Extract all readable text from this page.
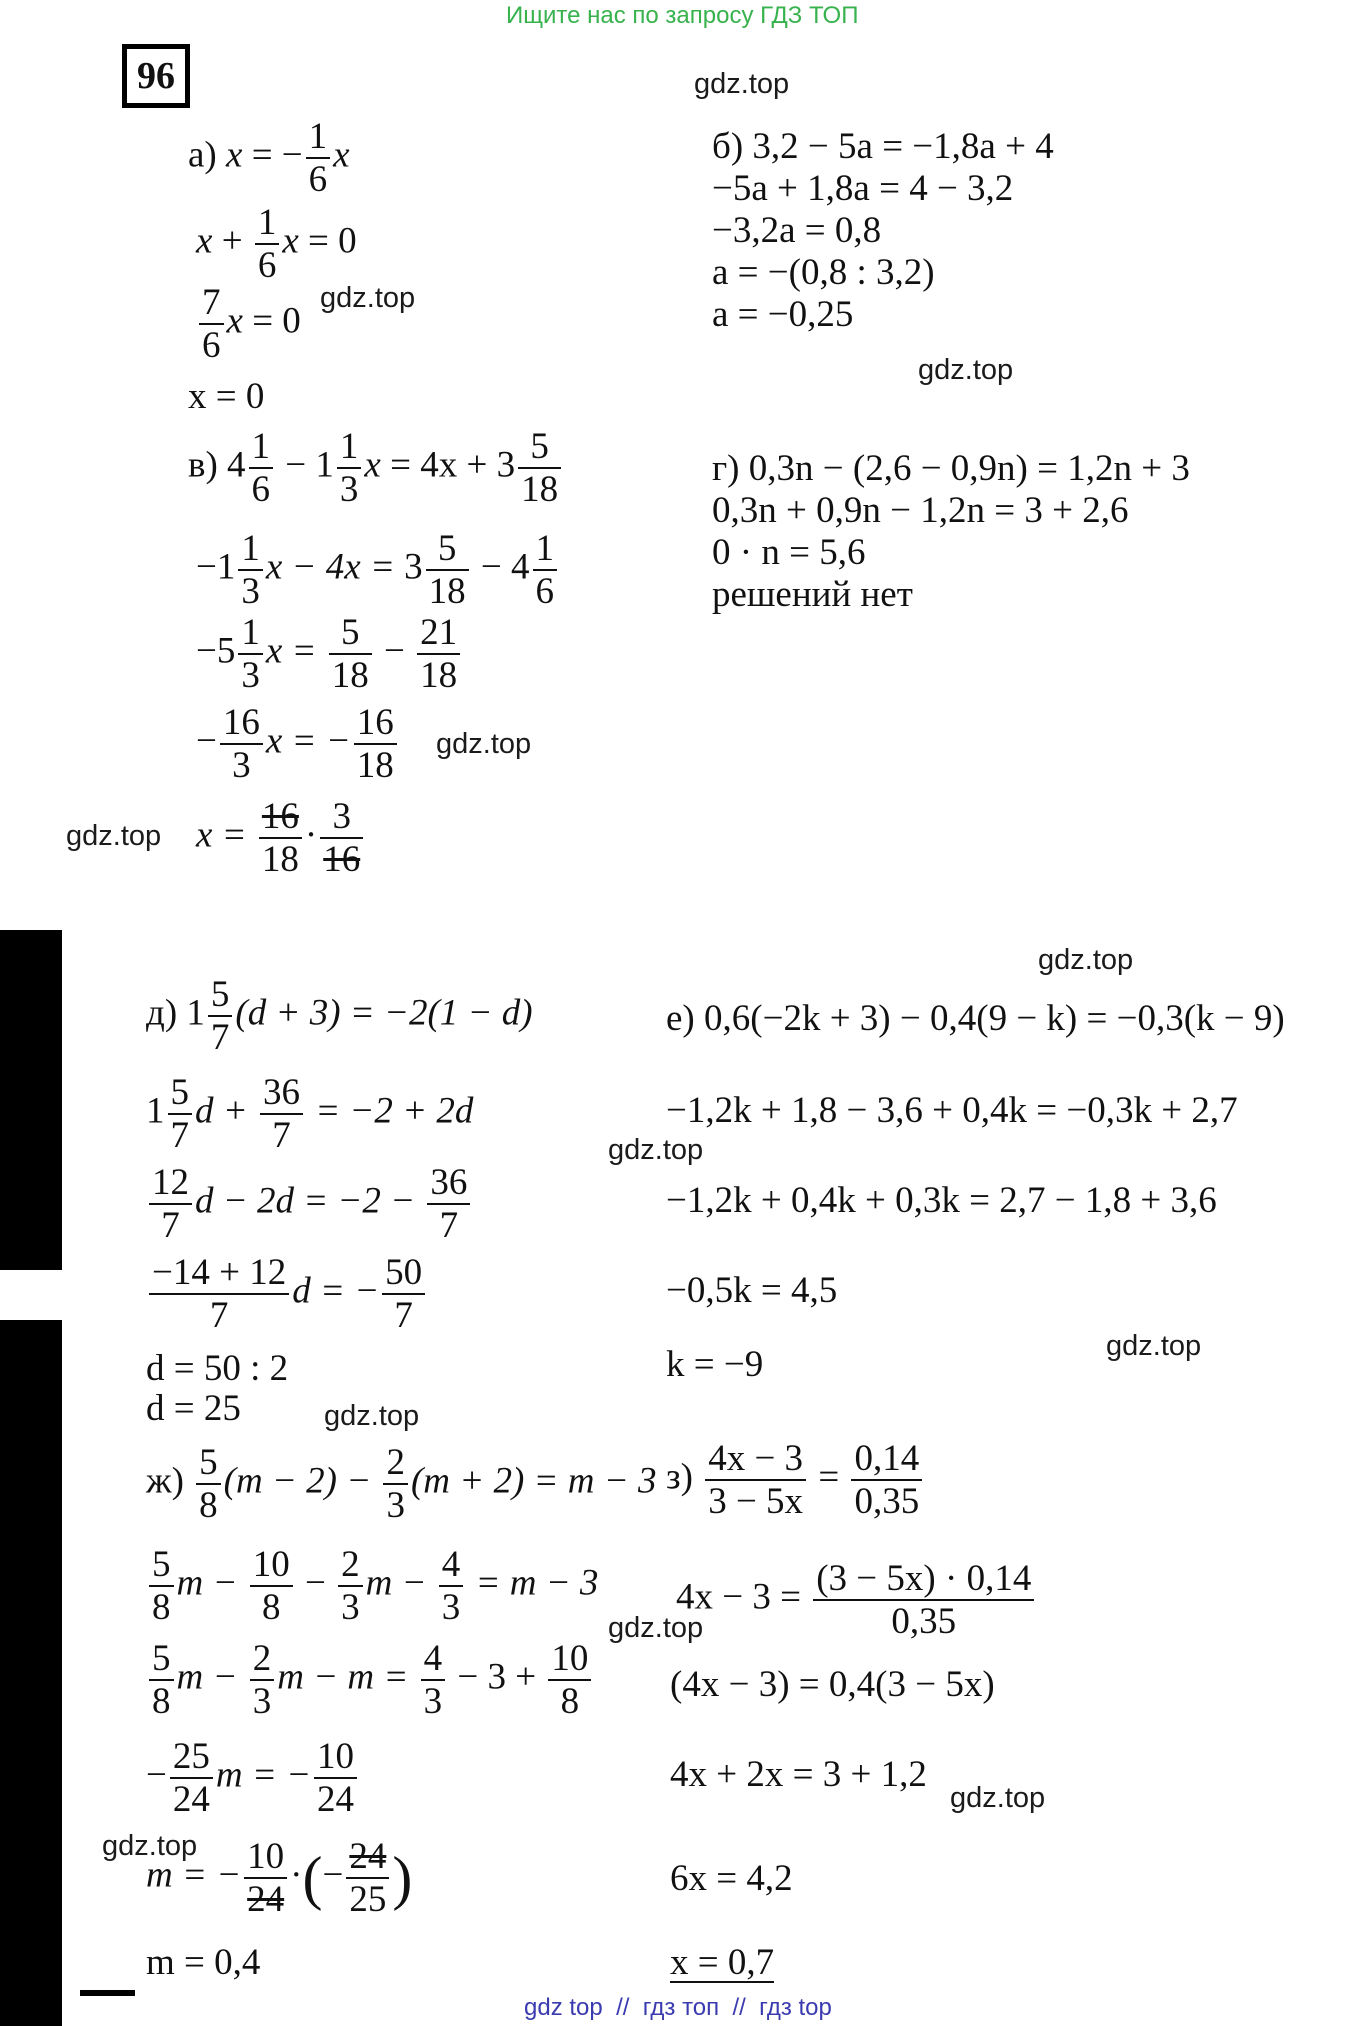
Ищите нас по запросу ГДЗ ТОП
96	gdz.top
gdz.top
gdz.top
gdz.top
gdz.top
gdz.top
gdz.top
gdz.top
gdz.top
gdz.top
gdz.top
gdz.top
а) x = − $\frac{1}{6}$ x
$x + \frac{1}{6}$ x = 0
$\frac{7}{6}$ x = 0
x = 0
б) 3,2 − 5a = −1,8a + 4
−5a + 1,8a = 4 − 3,2
−3,2a = 0,8
a = −(0,8 : 3,2)
a = −0,25
в) $4 \frac{1}{6} - 1 \frac{1}{3}$ $x = 4x + 3 \frac{5}{18}$
$-1 \frac{1}{3}$ $x - 4x = 3 \frac{5}{18} - 4 \frac{1}{6}$
$-5 \frac{1}{3}$ $x = \frac{5}{18} - \frac{21}{18}$
− $\frac{16}{3}$ x = − $\frac{16}{18}$
$x = \frac{16}{18} \cdot \frac{3}{16}$
г) 0,3n − (2,6 − 0,9n) = 1,2n + 3
0,3n + 0,9n − 1,2n = 3 + 2,6
0 · n = 5,6
решений нет
д) $1 \frac{5}{7} (d + 3) = -2(1 - d)$
$1 \frac{5}{7}$ $d + \frac{36}{7} = -2 + 2d$
$\frac{12}{7}$ $d - 2d = -2 - \frac{36}{7}$
$\frac{-14 + 12}{7}$ d = − $\frac{50}{7}$
d = 50 : 2
d = 25
е) 0,6(−2k + 3) − 0,4(9 − k) = −0,3(k − 9)
−1,2k + 1,8 − 3,6 + 0,4k = −0,3k + 2,7
−1,2k + 0,4k + 0,3k = 2,7 − 1,8 + 3,6
−0,5k = 4,5
k = −9
$ж) \frac{5}{8} (m - 2) - \frac{2}{3} (m + 2) = m - 3$
$\frac{5}{8}$ $m - \frac{10}{8} - \frac{2}{3}$ $m - \frac{4}{3} = m - 3$
$\frac{5}{8}$ $m - \frac{2}{3}$ $m - m = \frac{4}{3} - 3 + \frac{10}{8}$
− $\frac{25}{24}$ m = − $\frac{10}{24}$
m = − $\frac{10}{24}$ ·(− $\frac{24}{25}$ )
m = 0,4
$з) \frac{4x - 3}{3 - 5x} = \frac{0,14}{0,35}$
$4x - 3 = \frac{(3 - 5x) \cdot 0,14}{0,35}$
(4x − 3) = 0,4(3 − 5x)
4x + 2x = 3 + 1,2
6x = 4,2
x = 0,7
gdz top  //  гдз топ  //  гдз top
